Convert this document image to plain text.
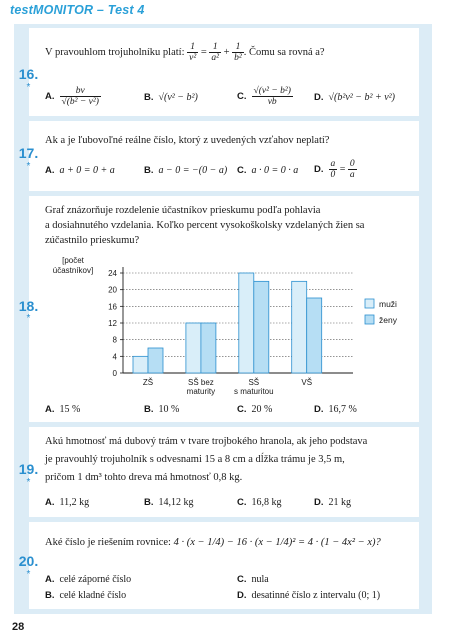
testMONITOR – Test 4
V pravouhlom trojuholníku platí: $\frac{1}{\text{v²}} = \frac{1}{\text{a²}} + \frac{1}{\text{b²}}$ . Čomu sa rovná a?
A. $\frac{bv}{\text{√(b² − v²)}}$	B. √(v² − b²)	C. $\frac{\text{√(v² − b²)}}{vb} D$. √(b²v² − b² + v²)
16.
*
Ak a je ľubovoľné reálne číslo, ktorý z uvedených vzťahov neplatí?
A. a + 0 = 0 + a	B. a − 0 = −(0 − a) C. a · 0 = 0 · a D. $\frac{a}{0} = \frac{0}{a}$
17.
*
Graf znázorňuje rozdelenie účastníkov prieskumu podľa pohlavia
a dosiahnutého vzdelania. Koľko percent vysokoškolsky vzdelaných žien sa
zúčastnilo prieskumu?
A. 15 %	B. 10 %	C. 20 %	D. 16,7 %
18.
*
[počet
účastníkov]
0
4
8
12
16
20
24
ZŠ	SŠ bez
maturity
SŠ
s maturitou
VŠ
muži
ženy
Akú hmotnosť má dubový trám v tvare trojbokého hranola, ak jeho podstava
je pravouhlý trojuholník s odvesnami 15 a 8 cm a dĺžka trámu je 3,5 m,
pričom 1 dm³ tohto dreva má hmotnosť 0,8 kg.
A. 11,2 kg	B. 14,12 kg	C. 16,8 kg	D. 21 kg
19.
*
Aké číslo je riešením rovnice: 4 · (x − 1/4) − 16 · (x − 1/4)² = 4 · (1 − 4x² − x)?
A. celé záporné číslo
B. celé kladné číslo
C. nula
D. desatinné číslo z intervalu (0; 1)
20.
*
28
